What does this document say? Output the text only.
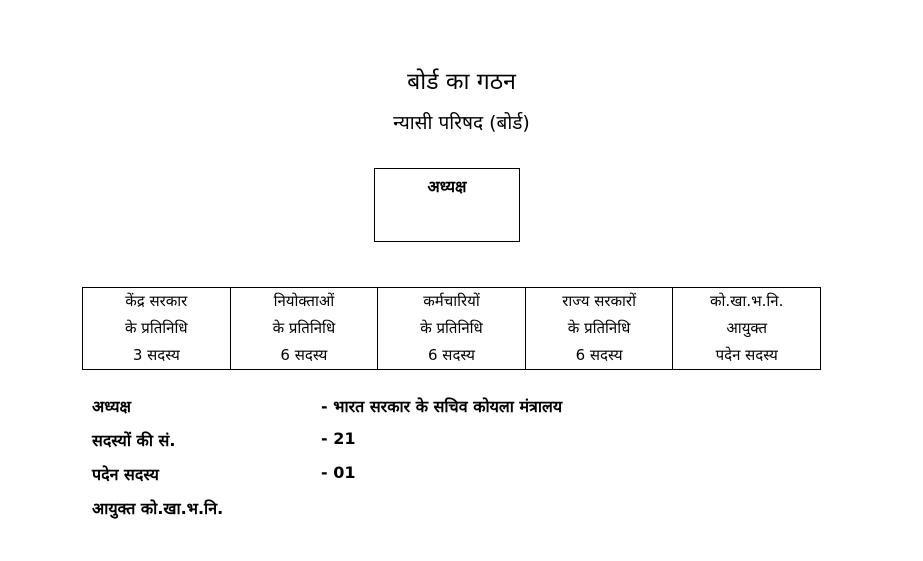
बोर्ड का गठन
न्यासी परिषद (बोर्ड)
अध्यक्ष
केंद्र सरकार
के प्रतिनिधि
3 सदस्य

नियोक्ताओं
के प्रतिनिधि
6 सदस्य

कर्मचारियों
के प्रतिनिधि
6 सदस्य

राज्य सरकारों
के प्रतिनिधि
6 सदस्य

को.खा.भ.नि.
आयुक्त
पदेन सदस्य
अध्यक्ष	- भारत सरकार के सचिव कोयला मंत्रालय
सदस्यों की सं.	- 21
पदेन सदस्य	- 01
आयुक्त को.खा.भ.नि.
